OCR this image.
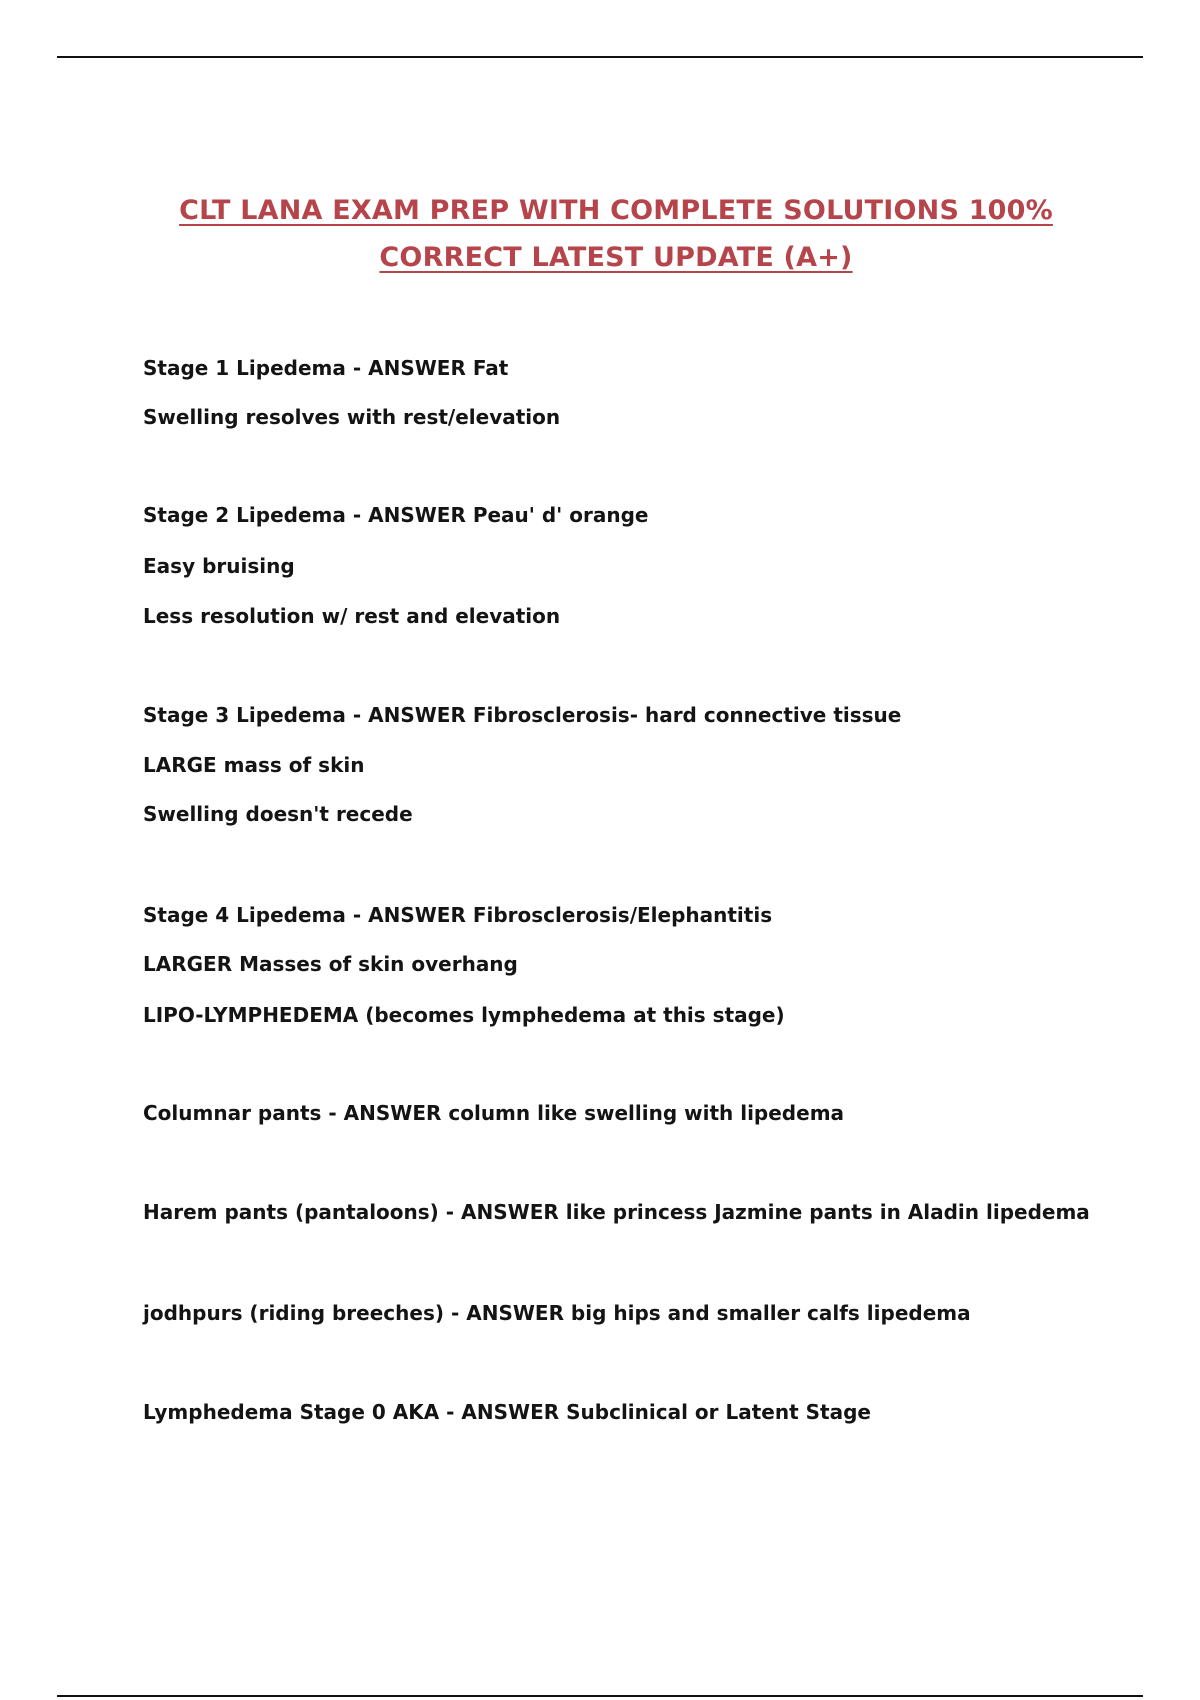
CLT LANA EXAM PREP WITH COMPLETE SOLUTIONS 100%
CORRECT LATEST UPDATE (A+)
Stage 1 Lipedema - ANSWER Fat
Swelling resolves with rest/elevation
Stage 2 Lipedema - ANSWER Peau' d' orange
Easy bruising
Less resolution w/ rest and elevation
Stage 3 Lipedema - ANSWER Fibrosclerosis- hard connective tissue
LARGE mass of skin
Swelling doesn't recede
Stage 4 Lipedema - ANSWER Fibrosclerosis/Elephantitis
LARGER Masses of skin overhang
LIPO-LYMPHEDEMA (becomes lymphedema at this stage)
Columnar pants - ANSWER column like swelling with lipedema
Harem pants (pantaloons) - ANSWER like princess Jazmine pants in Aladin lipedema
jodhpurs (riding breeches) - ANSWER big hips and smaller calfs lipedema
Lymphedema Stage 0 AKA - ANSWER Subclinical or Latent Stage
